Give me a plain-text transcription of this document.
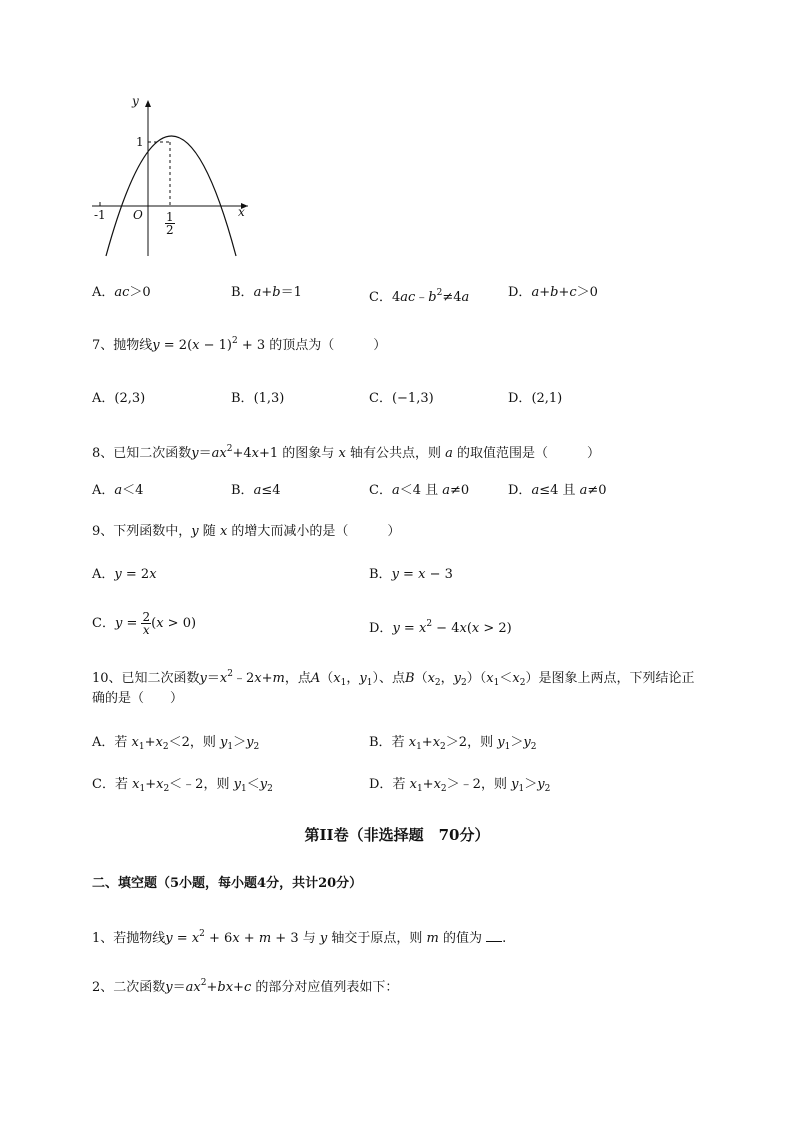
y
x
-1 O
1
$\frac{1}{2}$
A．ac＞0	B．a+b＝1	C．$4ac﹣b^2\ne 4a$	D．a+b+c＞0
7、抛物线$y = 2(x - 1)^2 + 3$ 的顶点为（　　　）
A．(2,3)	B．(1,3)	C．(−1,3)	D．(2,1)
8、已知二次函数$y=ax^2+4x+1$ 的图象与 x 轴有公共点，则 a 的取值范围是（　　　）
A．a＜4	B．a≤4	C．a＜4 且 a≠0	D．a≤4 且 a≠0
9、下列函数中，y 随 x 的增大而减小的是（　　　）
A．y = 2x	B．y = x − 3
C．$y = \frac{2}{x} (x > 0)$	D．$y = x^2 - 4x(x > 2)$
10、已知二次函数$y=x^2﹣2x+m$，点$A(x_1$，$y_1$）、点$B(x_2$，$y_2)(x_1<x_2)$是图象上两点，下列结论正
确的是（　　）
A．若 $x_1+x_2<2$，则 $y_1>y_2$	B．若 $x_1+x_2>2$，则 $y_1>y_2$
C．若 $x_1+x_2<﹣2$，则 $y_1<y_2$	D．若 $x_1+x_2>﹣2$，则 $y_1>y_2$
第II卷（非选择题　70分）
二、填空题（5小题，每小题4分，共计20分）
1、若抛物线$y = x^2 + 6x + m + 3$ 与 y 轴交于原点，则 m 的值为 .
2、二次函数$y=ax^2+bx+c$ 的部分对应值列表如下：
